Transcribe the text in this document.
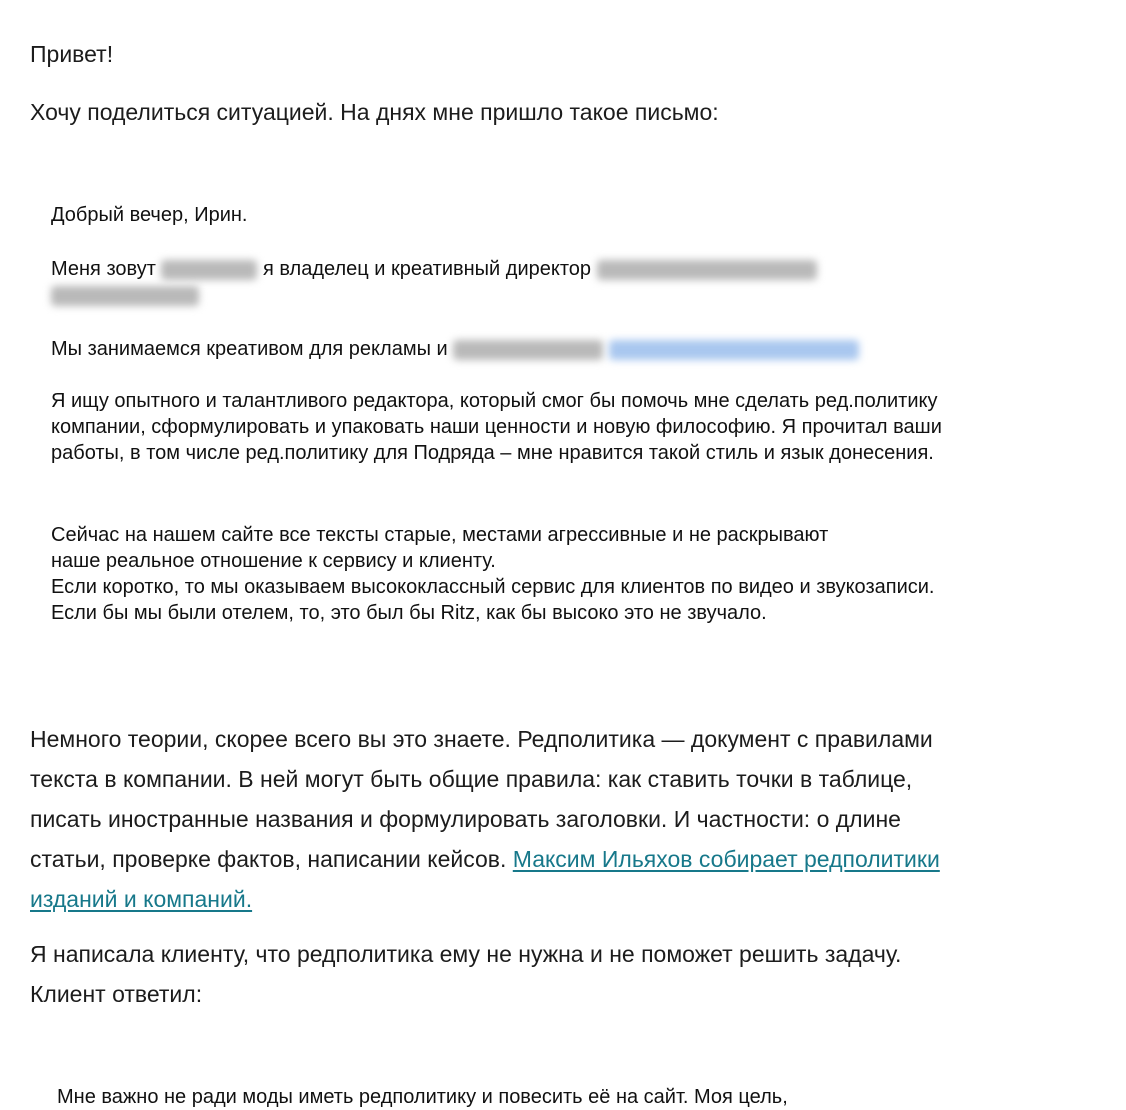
Привет!

Хочу поделиться ситуацией. На днях мне пришло такое письмо:

Добрый вечер, Ирин.

Меня зовут	я владелец и креативный директор

Мы занимаемся креативом для рекламы и

Я ищу опытного и талантливого редактора, который смог бы помочь мне сделать ред.политику компании, сформулировать и упаковать наши ценности и новую философию. Я прочитал ваши работы, в том числе ред.политику для Подряда – мне нравится такой стиль и язык донесения.

Сейчас на нашем сайте все тексты старые, местами агрессивные и не раскрывают наше реальное отношение к сервису и клиенту.

Если коротко, то мы оказываем высококлассный сервис для клиентов по видео и звукозаписи. Если бы мы были отелем, то, это был бы Ritz, как бы высоко это не звучало.

Немного теории, скорее всего вы это знаете. Редполитика — документ с правилами текста в компании. В ней могут быть общие правила: как ставить точки в таблице, писать иностранные названия и формулировать заголовки. И частности: о длине статьи, проверке фактов, написании кейсов. Максим Ильяхов собирает редполитики изданий и компаний.

Я написала клиенту, что редполитика ему не нужна и не поможет решить задачу. Клиент ответил:

Мне важно не ради моды иметь редполитику и повесить её на сайт. Моя цель,
